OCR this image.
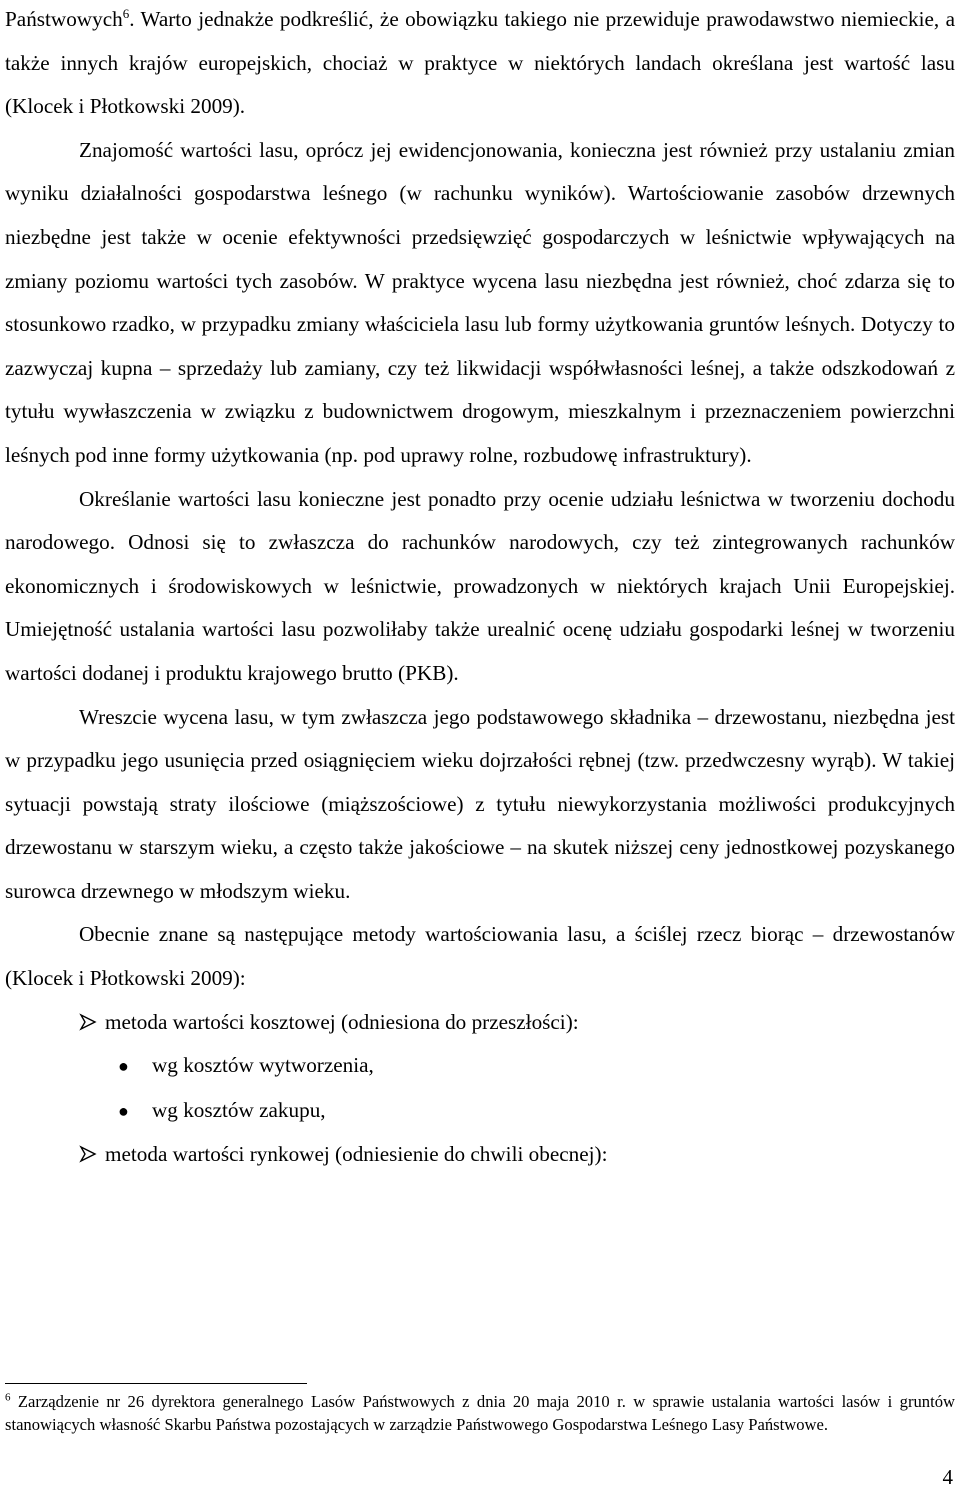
Państwowych$^6$. Warto jednakże podkreślić, że obowiązku takiego nie przewiduje prawodawstwo niemieckie, a także innych krajów europejskich, chociaż w praktyce w niektórych landach określana jest wartość lasu (Klocek i Płotkowski 2009).

Znajomość wartości lasu, oprócz jej ewidencjonowania, konieczna jest również przy ustalaniu zmian wyniku działalności gospodarstwa leśnego (w rachunku wyników). Wartościowanie zasobów drzewnych niezbędne jest także w ocenie efektywności przedsięwzięć gospodarczych w leśnictwie wpływających na zmiany poziomu wartości tych zasobów. W praktyce wycena lasu niezbędna jest również, choć zdarza się to stosunkowo rzadko, w przypadku zmiany właściciela lasu lub formy użytkowania gruntów leśnych. Dotyczy to zazwyczaj kupna – sprzedaży lub zamiany, czy też likwidacji współwłasności leśnej, a także odszkodowań z tytułu wywłaszczenia w związku z budownictwem drogowym, mieszkalnym i przeznaczeniem powierzchni leśnych pod inne formy użytkowania (np. pod uprawy rolne, rozbudowę infrastruktury).

Określanie wartości lasu konieczne jest ponadto przy ocenie udziału leśnictwa w tworzeniu dochodu narodowego. Odnosi się to zwłaszcza do rachunków narodowych, czy też zintegrowanych rachunków ekonomicznych i środowiskowych w leśnictwie, prowadzonych w niektórych krajach Unii Europejskiej. Umiejętność ustalania wartości lasu pozwoliłaby także urealnić ocenę udziału gospodarki leśnej w tworzeniu wartości dodanej i produktu krajowego brutto (PKB).

Wreszcie wycena lasu, w tym zwłaszcza jego podstawowego składnika – drzewostanu, niezbędna jest w przypadku jego usunięcia przed osiągnięciem wieku dojrzałości rębnej (tzw. przedwczesny wyrąb). W takiej sytuacji powstają straty ilościowe (miąższościowe) z tytułu niewykorzystania możliwości produkcyjnych drzewostanu w starszym wieku, a często także jakościowe – na skutek niższej ceny jednostkowej pozyskanego surowca drzewnego w młodszym wieku.

Obecnie znane są następujące metody wartościowania lasu, a ściślej rzecz biorąc – drzewostanów (Klocek i Płotkowski 2009):

metoda wartości kosztowej (odniesiona do przeszłości):
●	wg kosztów wytworzenia,
●	wg kosztów zakupu,
metoda wartości rynkowej (odniesienie do chwili obecnej):

$^6$ Zarządzenie nr 26 dyrektora generalnego Lasów Państwowych z dnia 20 maja 2010 r. w sprawie ustalania wartości lasów i gruntów stanowiących własność Skarbu Państwa pozostających w zarządzie Państwowego Gospodarstwa Leśnego Lasy Państwowe.

4
